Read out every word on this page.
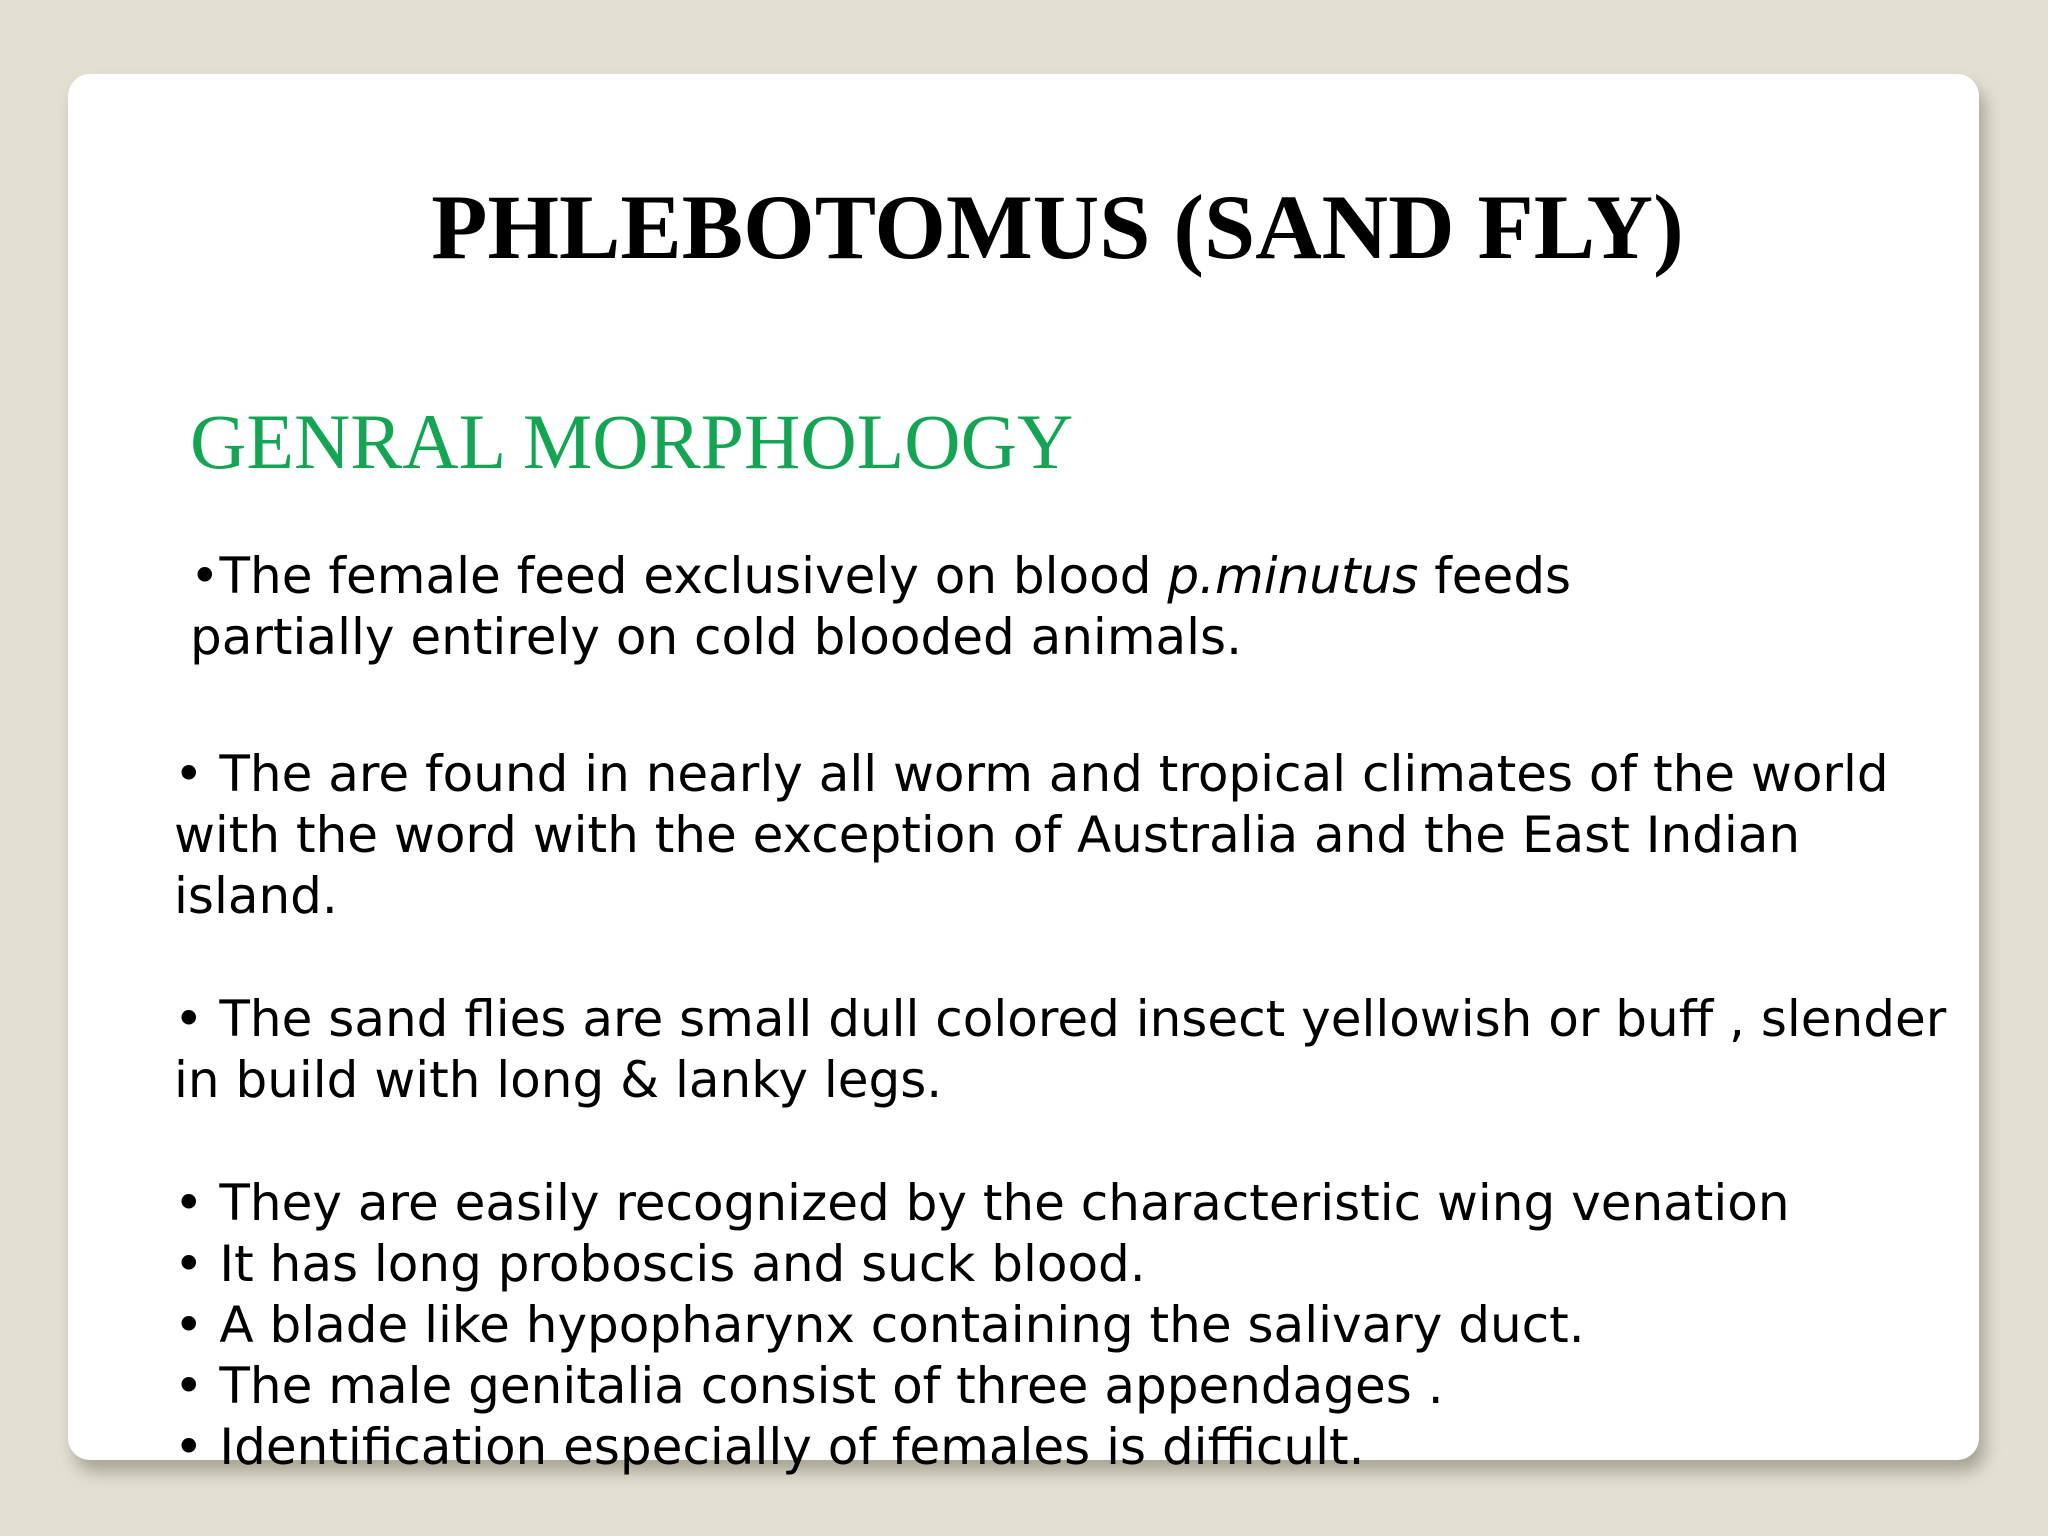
PHLEBOTOMUS (SAND FLY)
GENRAL MORPHOLOGY

•The female feed exclusively on blood p.minutus feeds
partially entirely on cold blooded animals.

• The are found in nearly all worm and tropical climates of the world
with the word with the exception of Australia and the East Indian
island.

• The sand flies are small dull colored insect yellowish or buff , slender
in build with long & lanky legs.

• They are easily recognized by the characteristic wing venation
• It has long proboscis and suck blood.
• A blade like hypopharynx containing the salivary duct.
• The male genitalia consist of three appendages .
• Identification especially of females is difficult.
